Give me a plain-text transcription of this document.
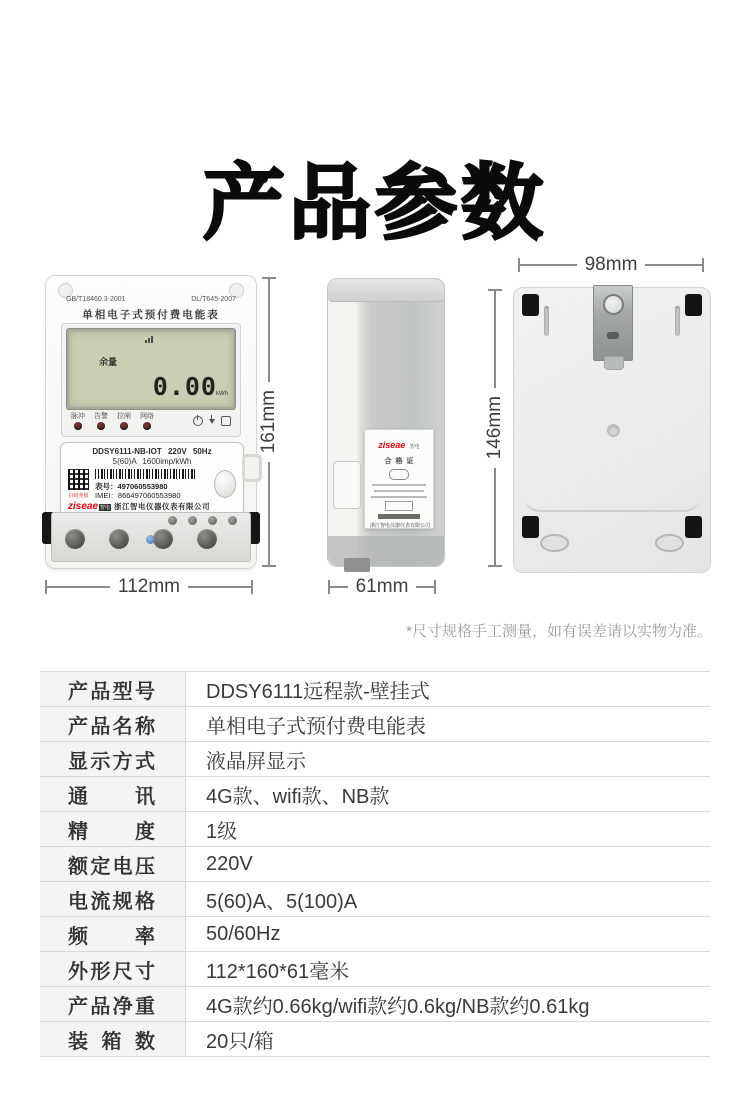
产品参数
GB/T18460.3-2001	DL/T645-2007
单相电子式预付费电能表
余量
0.00 kWh
脉冲 告警 拉闸 网络
DDSY6111-NB-IOT 220V 50Hz
5(60)A 1600imp/kWh
扫码充值
表号：497060553980
IMEI：866497060553980
ziseae 智电 浙江智电仪器仪表有限公司
161mm
112mm
ziseae 智电
合格证
浙江智电仪器仪表有限公司
61mm
98mm
146mm
*尺寸规格手工测量，如有误差请以实物为准。
产品型号	DDSY6111远程款-壁挂式
产品名称	单相电子式预付费电能表
显示方式	液晶屏显示
通讯	4G款、wifi款、NB款
精度	1级
额定电压	220V
电流规格	5(60)A、5(100)A
频率	50/60Hz
外形尺寸	112*160*61毫米
产品净重	4G款约0.66kg/wifi款约0.6kg/NB款约0.61kg
装箱数	20只/箱
